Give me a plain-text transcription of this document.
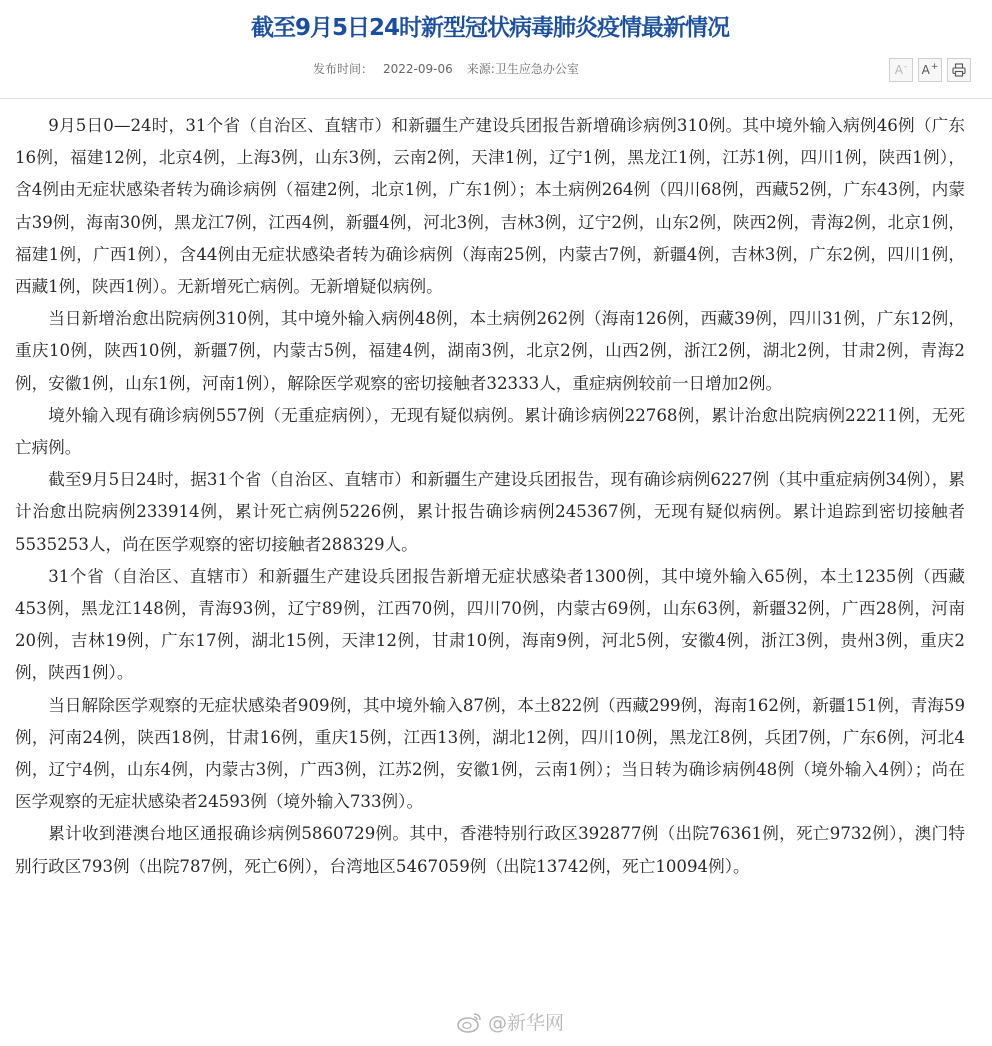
截至9月5日24时新型冠状病毒肺炎疫情最新情况
发布时间： 2022-09-06 来源:卫生应急办公室	A- A+

9月5日0—24时，31个省（自治区、直辖市）和新疆生产建设兵团报告新增确诊病例310例。其中境外输入病例46例（广东16例，福建12例，北京4例，上海3例，山东3例，云南2例，天津1例，辽宁1例，黑龙江1例，江苏1例，四川1例，陕西1例），含4例由无症状感染者转为确诊病例（福建2例，北京1例，广东1例）；本土病例264例（四川68例，西藏52例，广东43例，内蒙古39例，海南30例，黑龙江7例，江西4例，新疆4例，河北3例，吉林3例，辽宁2例，山东2例，陕西2例，青海2例，北京1例，福建1例，广西1例），含44例由无症状感染者转为确诊病例（海南25例，内蒙古7例，新疆4例，吉林3例，广东2例，四川1例，西藏1例，陕西1例）。无新增死亡病例。无新增疑似病例。

当日新增治愈出院病例310例，其中境外输入病例48例，本土病例262例（海南126例，西藏39例，四川31例，广东12例，重庆10例，陕西10例，新疆7例，内蒙古5例，福建4例，湖南3例，北京2例，山西2例，浙江2例，湖北2例，甘肃2例，青海2例，安徽1例，山东1例，河南1例），解除医学观察的密切接触者32333人，重症病例较前一日增加2例。

境外输入现有确诊病例557例（无重症病例），无现有疑似病例。累计确诊病例22768例，累计治愈出院病例22211例，无死亡病例。

截至9月5日24时，据31个省（自治区、直辖市）和新疆生产建设兵团报告，现有确诊病例6227例（其中重症病例34例），累计治愈出院病例233914例，累计死亡病例5226例，累计报告确诊病例245367例，无现有疑似病例。累计追踪到密切接触者5535253人，尚在医学观察的密切接触者288329人。

31个省（自治区、直辖市）和新疆生产建设兵团报告新增无症状感染者1300例，其中境外输入65例，本土1235例（西藏453例，黑龙江148例，青海93例，辽宁89例，江西70例，四川70例，内蒙古69例，山东63例，新疆32例，广西28例，河南20例，吉林19例，广东17例，湖北15例，天津12例，甘肃10例，海南9例，河北5例，安徽4例，浙江3例，贵州3例，重庆2例，陕西1例）。

当日解除医学观察的无症状感染者909例，其中境外输入87例，本土822例（西藏299例，海南162例，新疆151例，青海59例，河南24例，陕西18例，甘肃16例，重庆15例，江西13例，湖北12例，四川10例，黑龙江8例，兵团7例，广东6例，河北4例，辽宁4例，山东4例，内蒙古3例，广西3例，江苏2例，安徽1例，云南1例）；当日转为确诊病例48例（境外输入4例）；尚在医学观察的无症状感染者24593例（境外输入733例）。

累计收到港澳台地区通报确诊病例5860729例。其中，香港特别行政区392877例（出院76361例，死亡9732例），澳门特别行政区793例（出院787例，死亡6例），台湾地区5467059例（出院13742例，死亡10094例）。

@新华网
